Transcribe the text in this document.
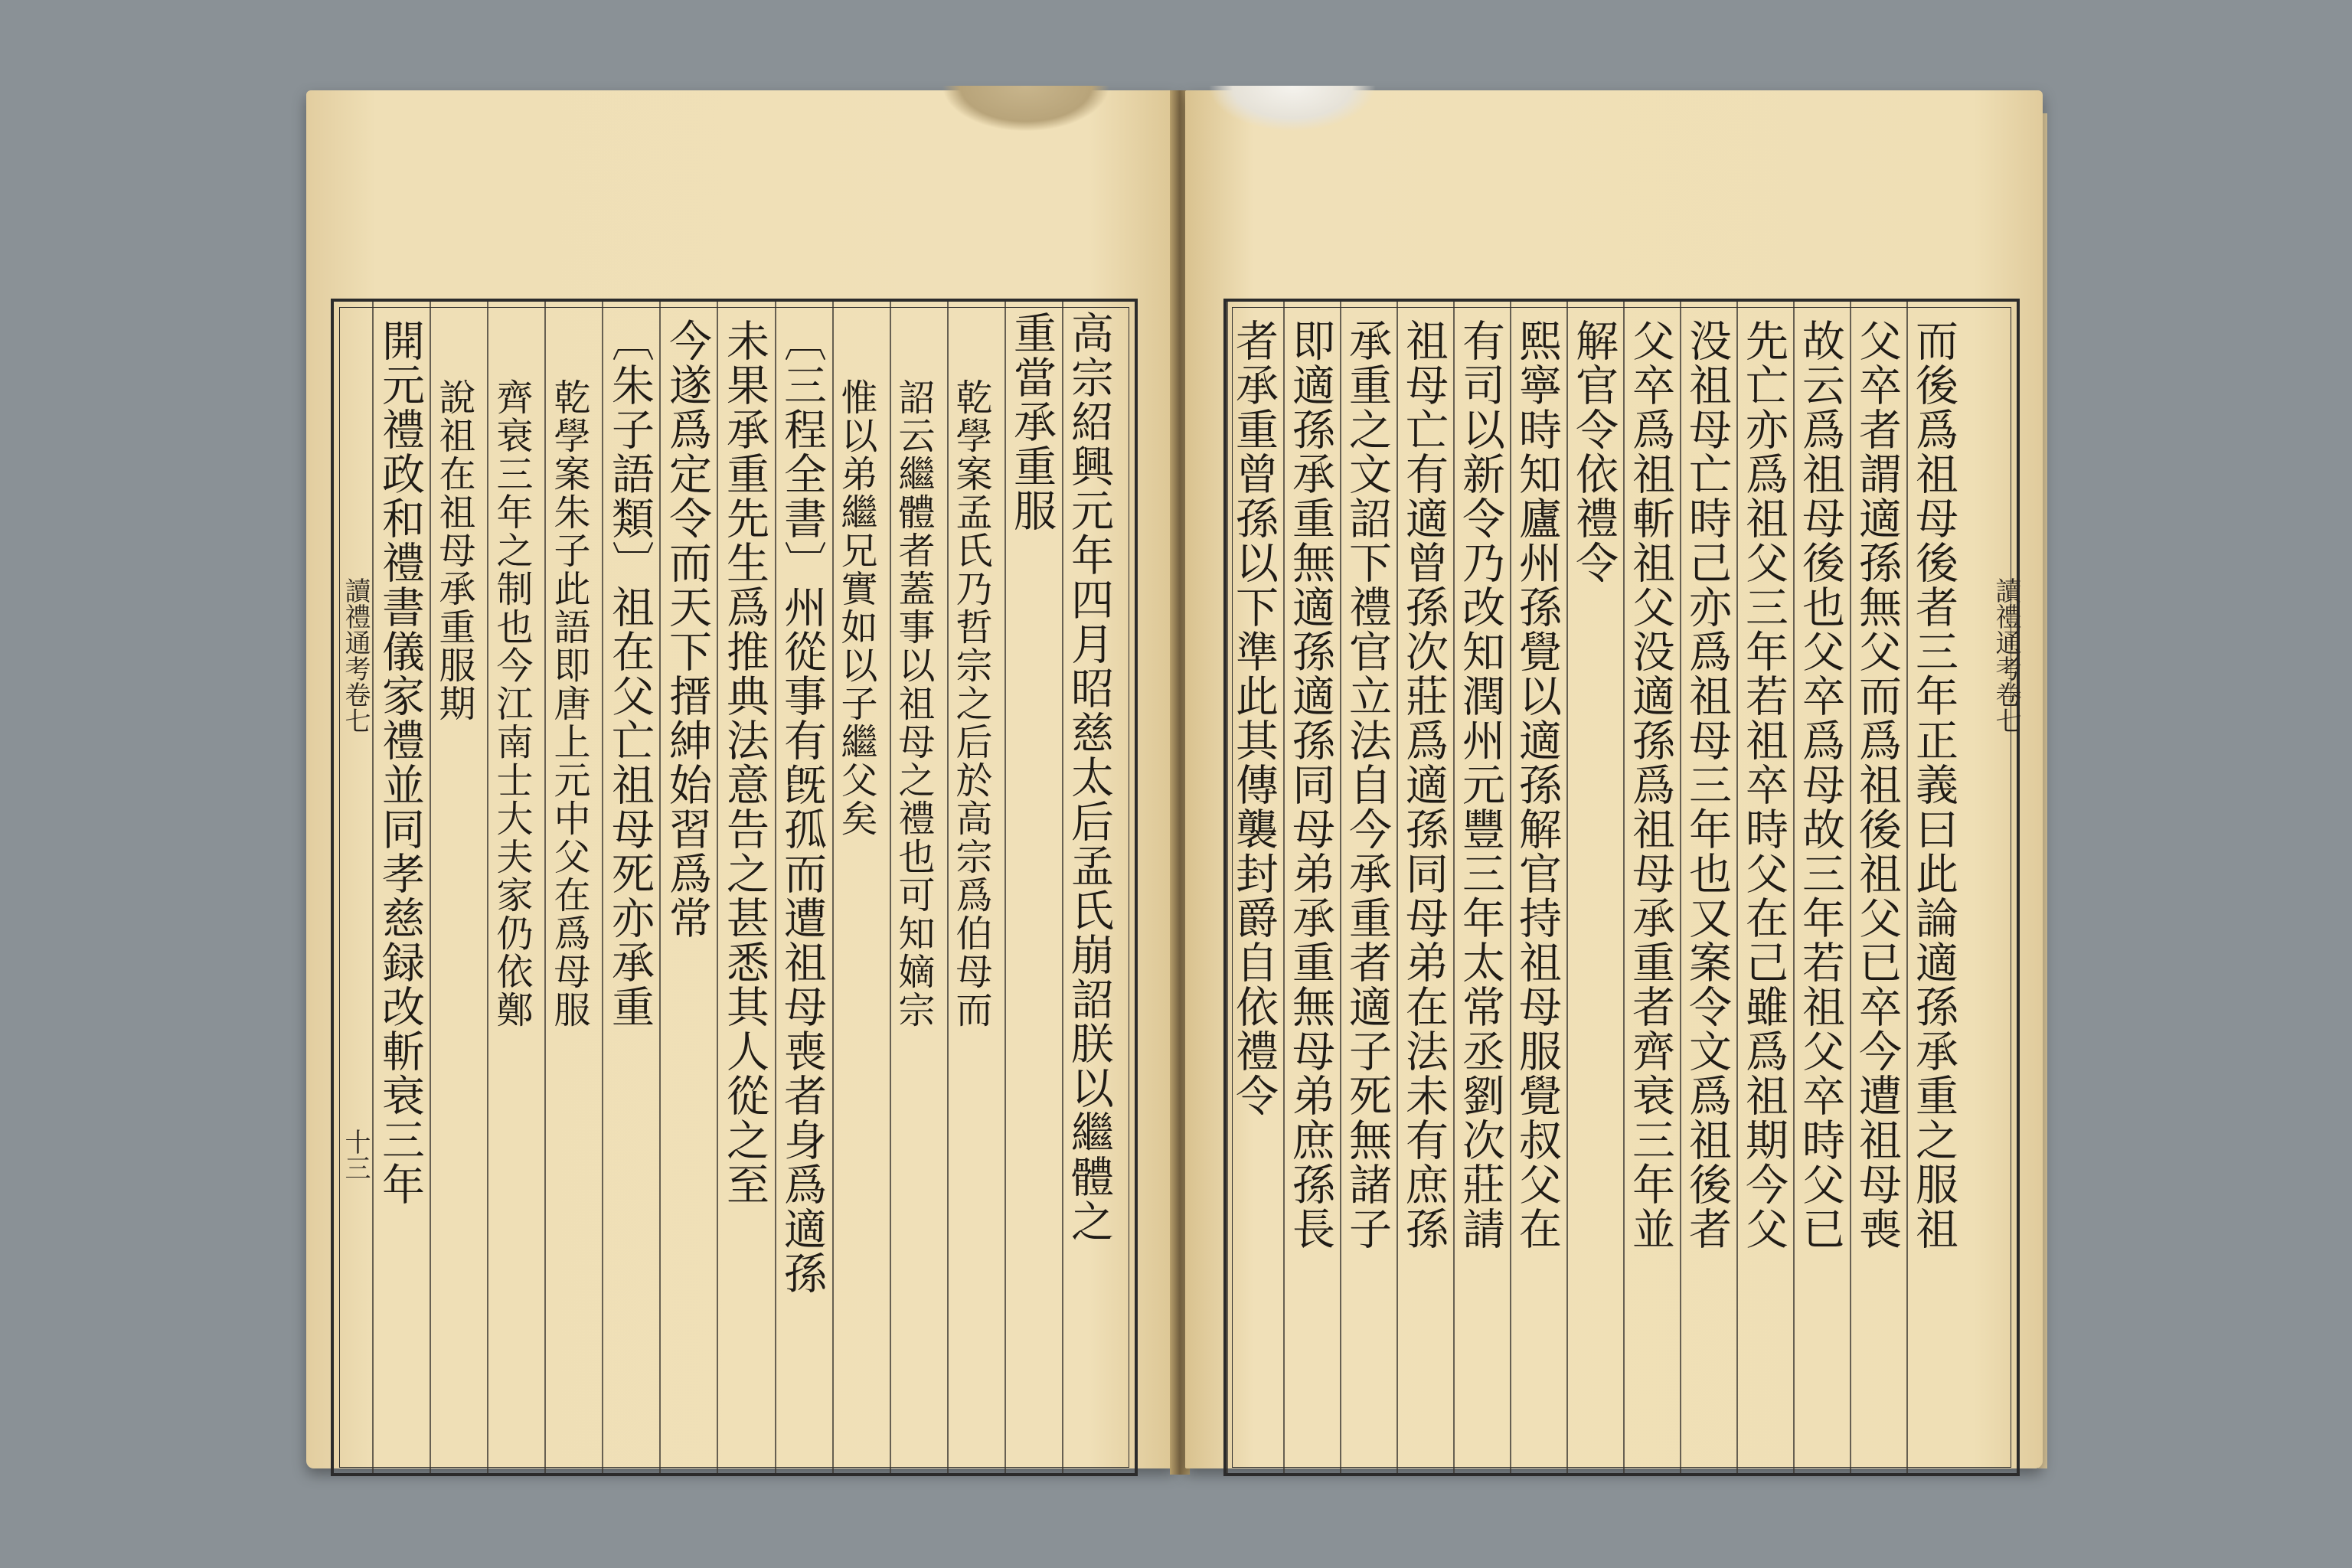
高宗紹興元年四月昭慈太后孟氏崩詔朕以繼體之
重當承重服
乾學案孟氏乃哲宗之后於高宗爲伯母而
詔云繼體者蓋事以祖母之禮也可知嫡宗
惟以弟繼兄實如以子繼父矣
〔三程全書〕州從事有旣孤而遭祖母喪者身爲適孫
未果承重先生爲推典法意告之甚悉其人從之至
今遂爲定令而天下搢紳始習爲常
〔朱子語類〕祖在父亡祖母死亦承重
乾學案朱子此語即唐上元中父在爲母服
齊衰三年之制也今江南士大夫家仍依鄭
說祖在祖母承重服期
開元禮政和禮書儀家禮並同孝慈録改斬衰三年
讀禮通考卷七
十三	而後爲祖母後者三年正義曰此論適孫承重之服祖
父卒者謂適孫無父而爲祖後祖父已卒今遭祖母喪
故云爲祖母後也父卒爲母故三年若祖父卒時父已
先亡亦爲祖父三年若祖卒時父在己雖爲祖期今父
没祖母亡時己亦爲祖母三年也又案令文爲祖後者
父卒爲祖斬祖父没適孫爲祖母承重者齊衰三年並
解官令依禮令
熙寧時知廬州孫覺以適孫解官持祖母服覺叔父在
有司以新令乃改知潤州元豐三年太常丞劉次莊請
祖母亡有適曾孫次莊爲適孫同母弟在法未有庶孫
承重之文詔下禮官立法自今承重者適子死無諸子
即適孫承重無適孫適孫同母弟承重無母弟庶孫長
者承重曾孫以下準此其傳襲封爵自依禮令	讀禮通考卷七
